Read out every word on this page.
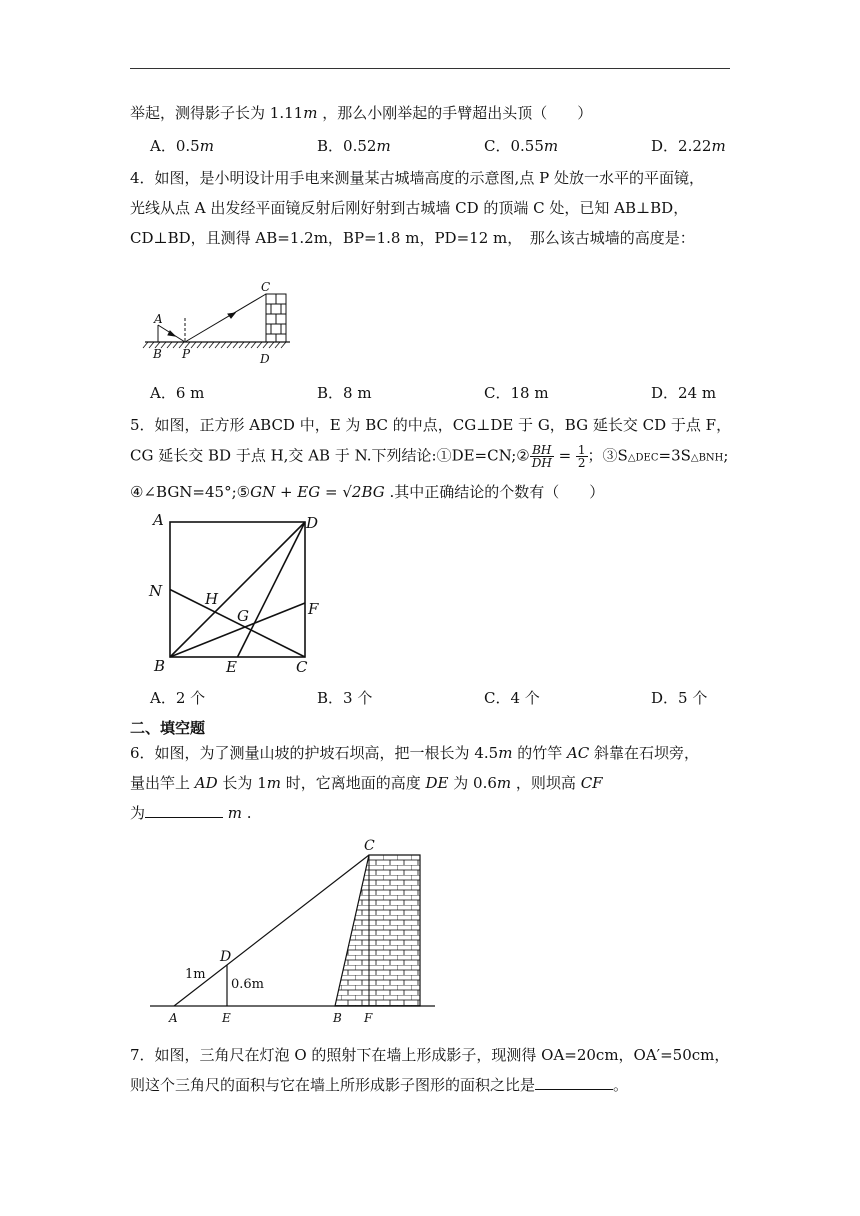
举起，测得影子长为 1.11m ，那么小刚举起的手臂超出头顶（　　）
A．0.5m	B．0.52m	C．0.55m	D．2.22m
4．如图，是小明设计用手电来测量某古城墙高度的示意图,点 P 处放一水平的平面镜，
光线从点 A 出发经平面镜反射后刚好射到古城墙 CD 的顶端 C 处，已知 AB⊥BD，
CD⊥BD，且测得 AB=1.2m，BP=1.8 m，PD=12 m，　那么该古城墙的高度是：
A
B P
C
D
A．6 m	B．8 m	C．18 m	D．24 m
5．如图，正方形 ABCD 中，E 为 BC 的中点，CG⊥DE 于 G，BG 延长交 CD 于点 F，
CG 延长交 BD 于点 H,交 AB 于 N.下列结论:①DE=CN;② $\frac{BH}{DH} = \frac{1}{2}$ ；③S△DEC=3S△BNH;
④∠BGN=45°;⑤GN + EG = √2BG .其中正确结论的个数有（　　）
A	D
N	H
G	F
B	E	C
A．2 个	B．3 个	C．4 个	D．5 个
二、填空题
6．如图，为了测量山坡的护坡石坝高，把一根长为 4.5m 的竹竿 AC 斜靠在石坝旁，
量出竿上 AD 长为 1m 时，它离地面的高度 DE 为 0.6m ，则坝高 CF
为	m .
C
D
1m
0.6m
A	E	B F
7．如图，三角尺在灯泡 O 的照射下在墙上形成影子，现测得 OA=20cm，OA′=50cm，
则这个三角尺的面积与它在墙上所形成影子图形的面积之比是	。
